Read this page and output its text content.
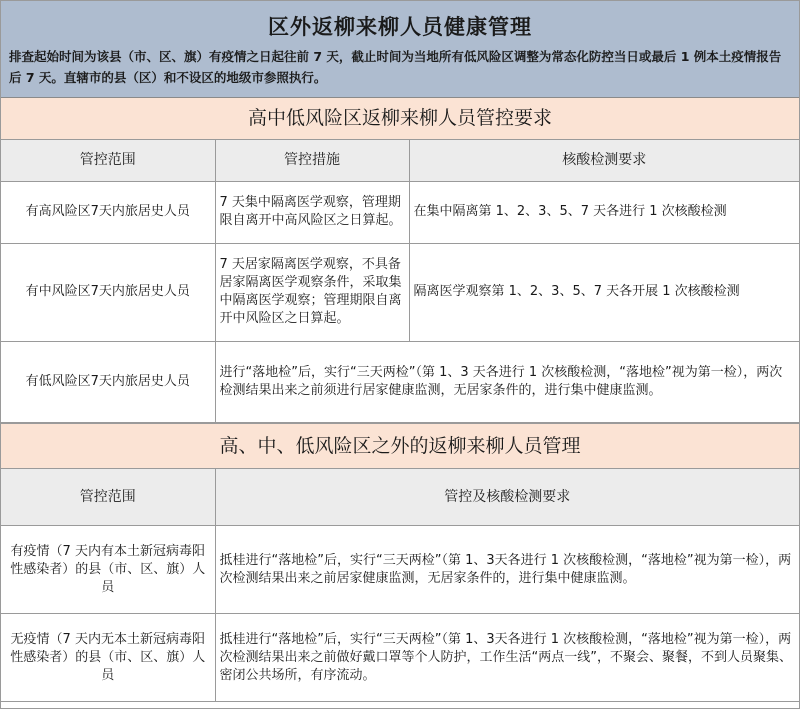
区外返柳来柳人员健康管理
排查起始时间为该县（市、区、旗）有疫情之日起往前 7 天，截止时间为当地所有低风险区调整为常态化防控当日或最后 1 例本土疫情报告后 7 天。直辖市的县（区）和不设区的地级市参照执行。
高中低风险区返柳来柳人员管控要求
管控范围	管控措施	核酸检测要求
有高风险区7天内旅居史人员	7 天集中隔离医学观察，管理期限自离开中高风险区之日算起。	在集中隔离第 1、2、3、5、7 天各进行 1 次核酸检测
有中风险区7天内旅居史人员	7 天居家隔离医学观察，不具备居家隔离医学观察条件，采取集中隔离医学观察；管理期限自离开中风险区之日算起。	隔离医学观察第 1、2、3、5、7 天各开展 1 次核酸检测
有低风险区7天内旅居史人员	进行“落地检”后，实行“三天两检”（第 1、3 天各进行 1 次核酸检测，“落地检”视为第一检），两次检测结果出来之前须进行居家健康监测，无居家条件的，进行集中健康监测。	
高、中、低风险区之外的返柳来柳人员管理
管控范围	管控及核酸检测要求
有疫情（7 天内有本土新冠病毒阳性感染者）的县（市、区、旗）人员	抵桂进行“落地检”后，实行“三天两检”（第 1、3天各进行 1 次核酸检测，“落地检”视为第一检），两次检测结果出来之前居家健康监测，无居家条件的，进行集中健康监测。
无疫情（7 天内无本土新冠病毒阳性感染者）的县（市、区、旗）人员	抵桂进行“落地检”后，实行“三天两检”（第 1、3天各进行 1 次核酸检测，“落地检”视为第一检），两次检测结果出来之前做好戴口罩等个人防护，工作生活“两点一线”，不聚会、聚餐，不到人员聚集、密闭公共场所，有序流动。
